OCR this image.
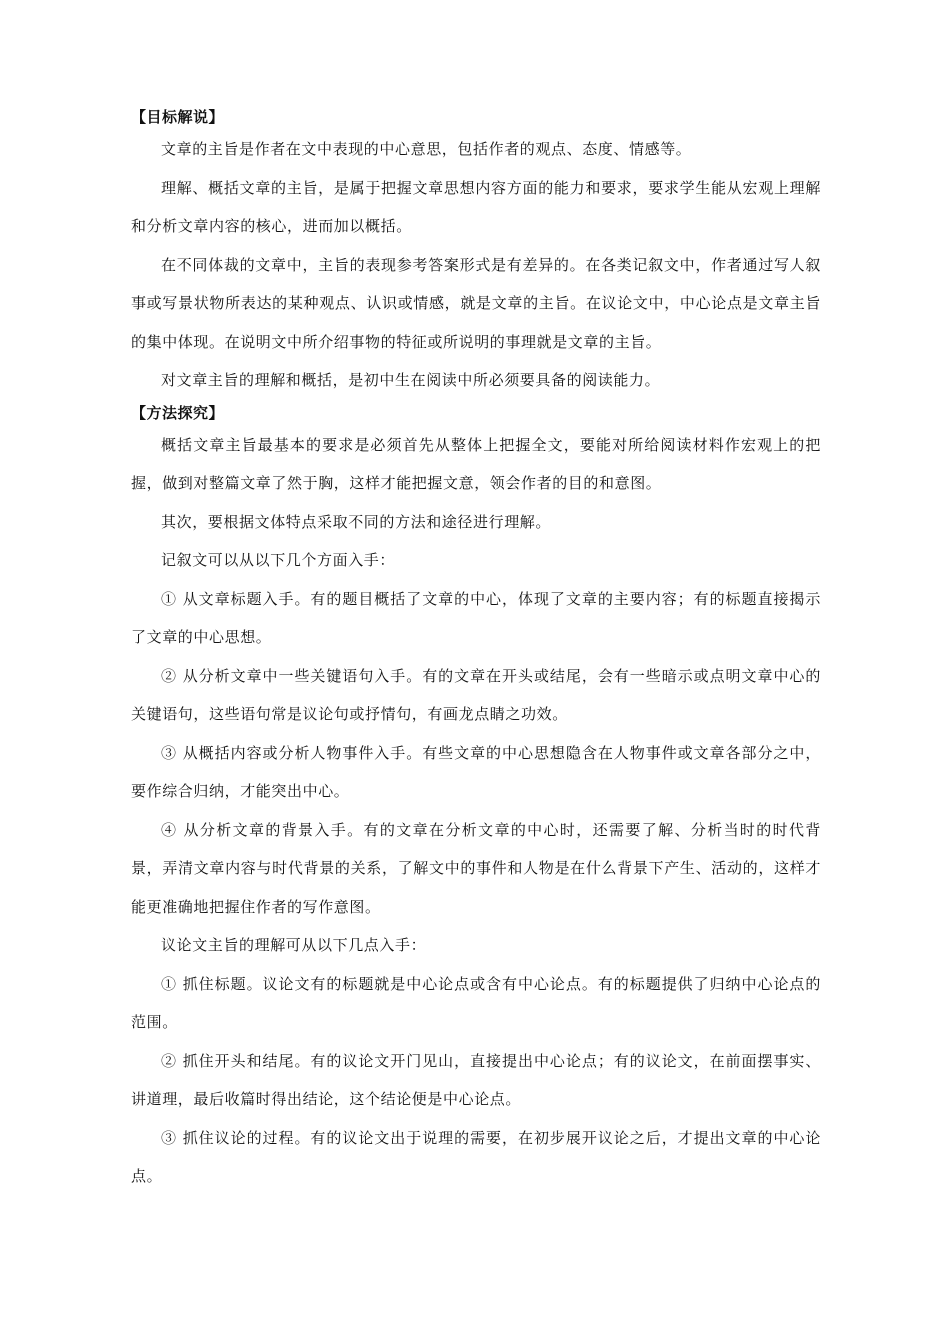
【目标解说】

文章的主旨是作者在文中表现的中心意思，包括作者的观点、态度、情感等。

理解、概括文章的主旨，是属于把握文章思想内容方面的能力和要求，要求学生能从宏观上理解和分析文章内容的核心，进而加以概括。

在不同体裁的文章中，主旨的表现参考答案形式是有差异的。在各类记叙文中，作者通过写人叙事或写景状物所表达的某种观点、认识或情感，就是文章的主旨。在议论文中，中心论点是文章主旨的集中体现。在说明文中所介绍事物的特征或所说明的事理就是文章的主旨。

对文章主旨的理解和概括，是初中生在阅读中所必须要具备的阅读能力。

【方法探究】

概括文章主旨最基本的要求是必须首先从整体上把握全文，要能对所给阅读材料作宏观上的把握，做到对整篇文章了然于胸，这样才能把握文意，领会作者的目的和意图。

其次，要根据文体特点采取不同的方法和途径进行理解。

记叙文可以从以下几个方面入手：

① 从文章标题入手。有的题目概括了文章的中心，体现了文章的主要内容；有的标题直接揭示了文章的中心思想。

② 从分析文章中一些关键语句入手。有的文章在开头或结尾，会有一些暗示或点明文章中心的关键语句，这些语句常是议论句或抒情句，有画龙点睛之功效。

③ 从概括内容或分析人物事件入手。有些文章的中心思想隐含在人物事件或文章各部分之中，要作综合归纳，才能突出中心。

④ 从分析文章的背景入手。有的文章在分析文章的中心时，还需要了解、分析当时的时代背景，弄清文章内容与时代背景的关系，了解文中的事件和人物是在什么背景下产生、活动的，这样才能更准确地把握住作者的写作意图。

议论文主旨的理解可从以下几点入手：

① 抓住标题。议论文有的标题就是中心论点或含有中心论点。有的标题提供了归纳中心论点的范围。

② 抓住开头和结尾。有的议论文开门见山，直接提出中心论点；有的议论文，在前面摆事实、讲道理，最后收篇时得出结论，这个结论便是中心论点。

③ 抓住议论的过程。有的议论文出于说理的需要，在初步展开议论之后，才提出文章的中心论点。
